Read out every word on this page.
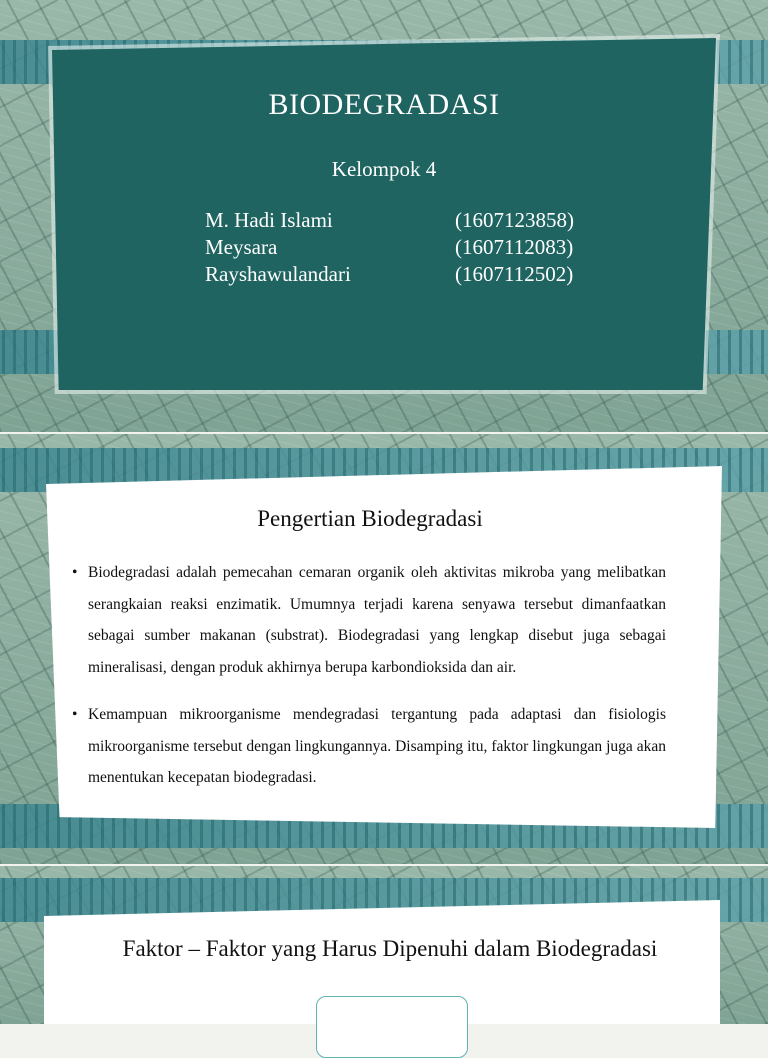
BIODEGRADASI
Kelompok 4
M. Hadi Islami	(1607123858)
Meysara	(1607112083)
Rayshawulandari	(1607112502)
Pengertian Biodegradasi
• Biodegradasi adalah pemecahan cemaran organik oleh aktivitas mikroba yang melibatkan serangkaian reaksi enzimatik. Umumnya terjadi karena senyawa tersebut dimanfaatkan sebagai sumber makanan (substrat). Biodegradasi yang lengkap disebut juga sebagai mineralisasi, dengan produk akhirnya berupa karbondioksida dan air.
• Kemampuan mikroorganisme mendegradasi tergantung pada adaptasi dan fisiologis mikroorganisme tersebut dengan lingkungannya. Disamping itu, faktor lingkungan juga akan menentukan kecepatan biodegradasi.
Faktor – Faktor yang Harus Dipenuhi dalam Biodegradasi
